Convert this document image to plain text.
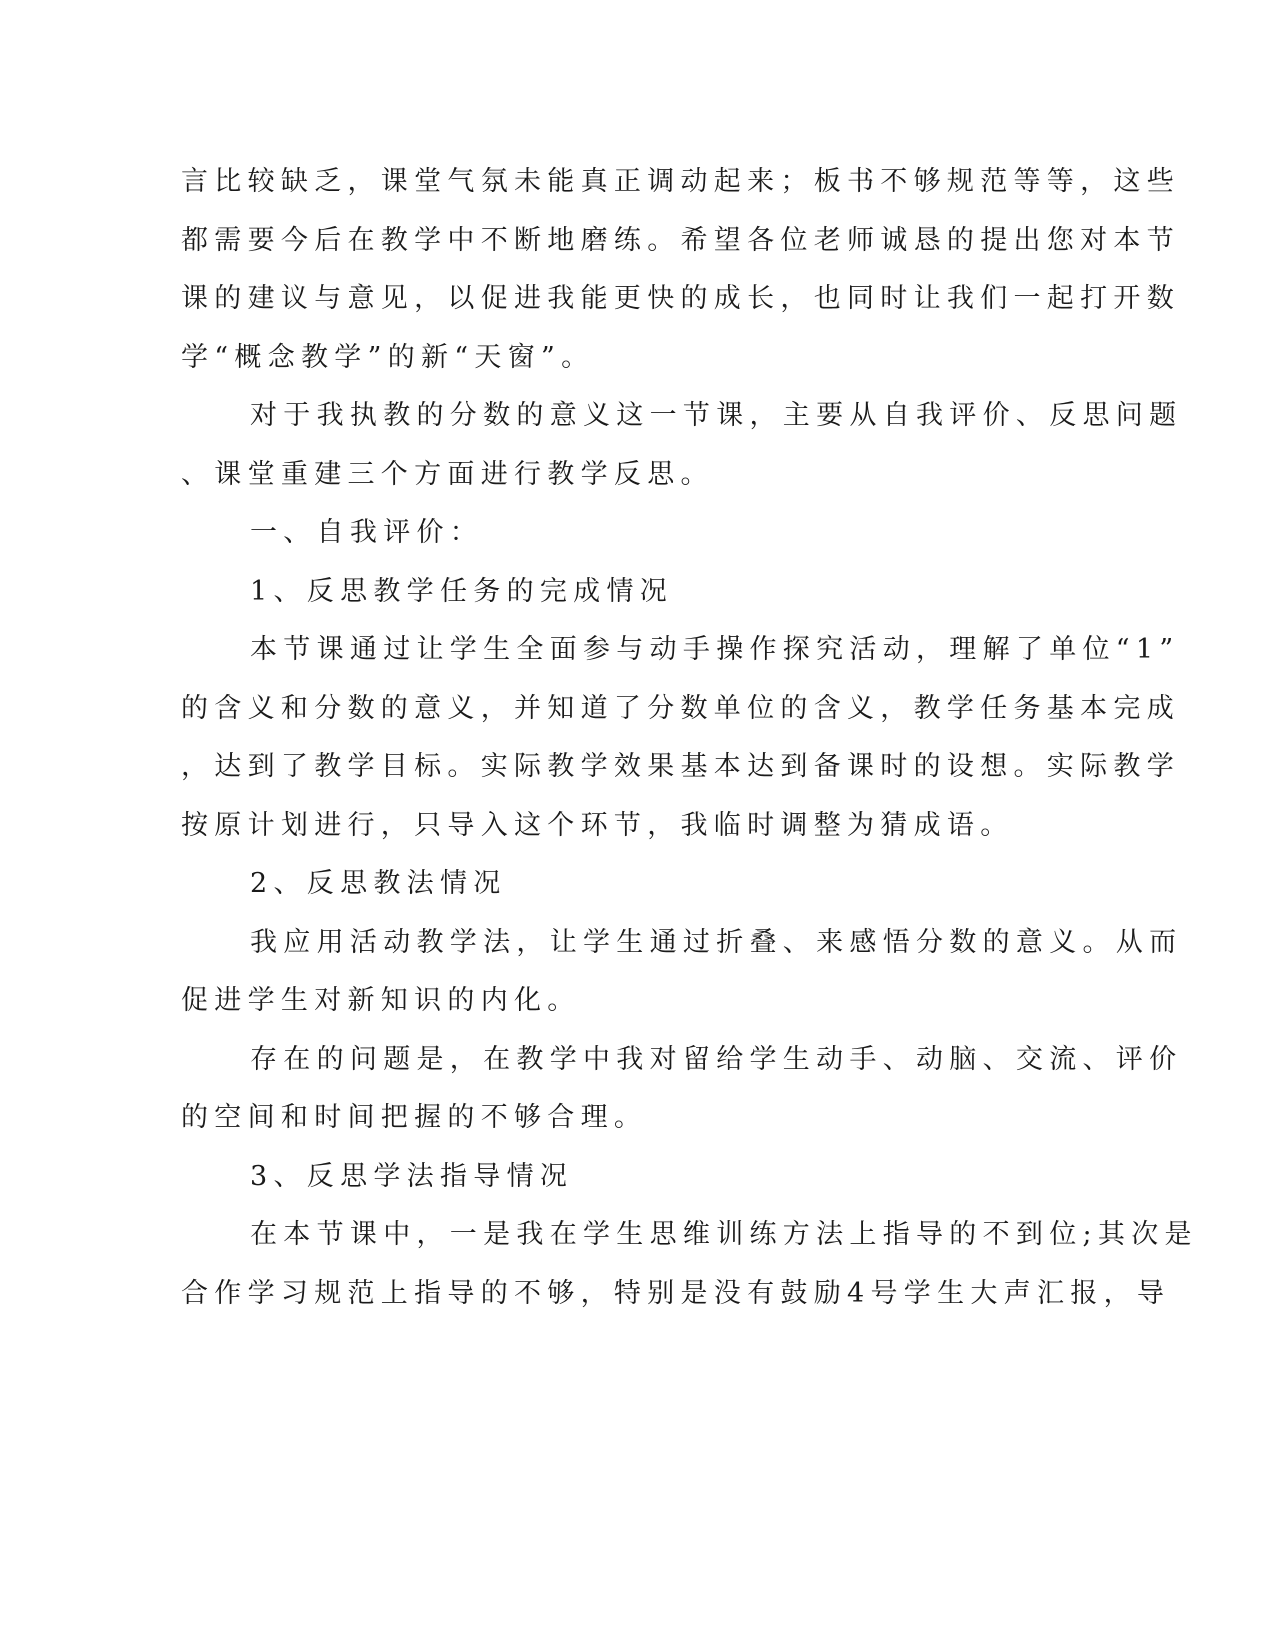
言比较缺乏，课堂气氛未能真正调动起来；板书不够规范等等，这些
都需要今后在教学中不断地磨练。希望各位老师诚恳的提出您对本节
课的建议与意见，以促进我能更快的成长，也同时让我们一起打开数
学“概念教学”的新“天窗”。
对于我执教的分数的意义这一节课，主要从自我评价、反思问题
、课堂重建三个方面进行教学反思。
一、自我评价：
1、反思教学任务的完成情况
本节课通过让学生全面参与动手操作探究活动，理解了单位“1”
的含义和分数的意义，并知道了分数单位的含义，教学任务基本完成
，达到了教学目标。实际教学效果基本达到备课时的设想。实际教学
按原计划进行，只导入这个环节，我临时调整为猜成语。
2、反思教法情况
我应用活动教学法，让学生通过折叠、来感悟分数的意义。从而
促进学生对新知识的内化。
存在的问题是，在教学中我对留给学生动手、动脑、交流、评价
的空间和时间把握的不够合理。
3、反思学法指导情况
在本节课中，一是我在学生思维训练方法上指导的不到位;其次是
合作学习规范上指导的不够，特别是没有鼓励4号学生大声汇报，导
